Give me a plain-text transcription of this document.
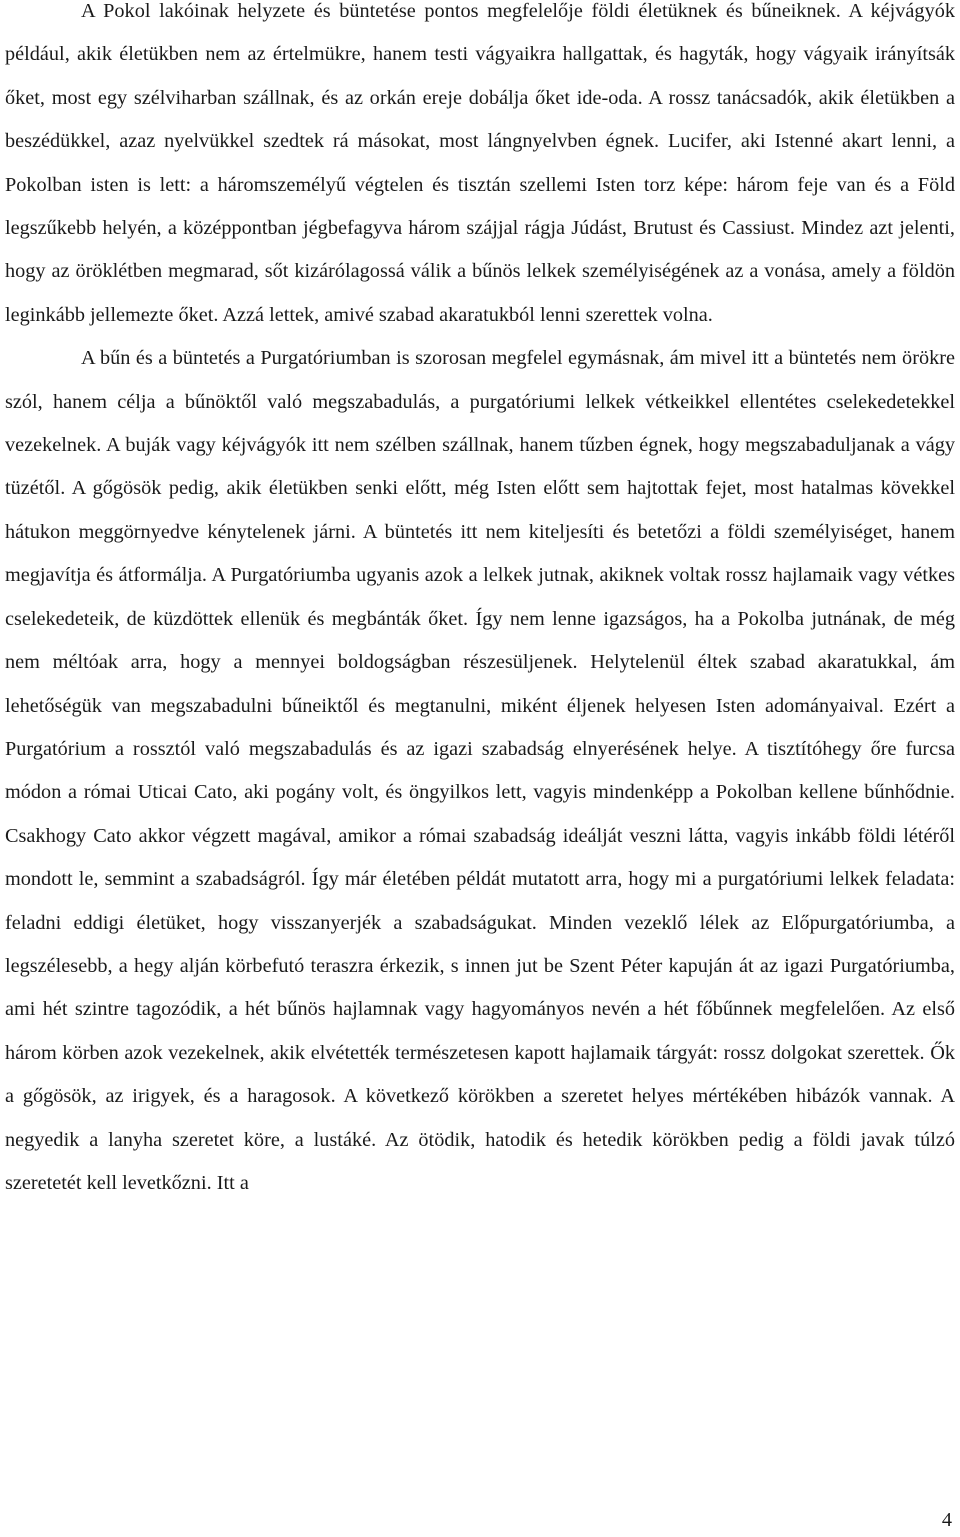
A Pokol lakóinak helyzete és büntetése pontos megfelelője földi életüknek és bűneiknek. A kéjvágyók például, akik életükben nem az értelmükre, hanem testi vágyaikra hallgattak, és hagyták, hogy vágyaik irányítsák őket, most egy szélviharban szállnak, és az orkán ereje dobálja őket ide-oda. A rossz tanácsadók, akik életükben a beszédükkel, azaz nyelvükkel szedtek rá másokat, most lángnyelvben égnek. Lucifer, aki Istenné akart lenni, a Pokolban isten is lett: a háromszemélyű végtelen és tisztán szellemi Isten torz képe: három feje van és a Föld legszűkebb helyén, a középpontban jégbefagyva három szájjal rágja Júdást, Brutust és Cassiust. Mindez azt jelenti, hogy az öröklétben megmarad, sőt kizárólagossá válik a bűnös lelkek személyiségének az a vonása, amely a földön leginkább jellemezte őket. Azzá lettek, amivé szabad akaratukból lenni szerettek volna.

A bűn és a büntetés a Purgatóriumban is szorosan megfelel egymásnak, ám mivel itt a büntetés nem örökre szól, hanem célja a bűnöktől való megszabadulás, a purgatóriumi lelkek vétkeikkel ellentétes cselekedetekkel vezekelnek. A buják vagy kéjvágyók itt nem szélben szállnak, hanem tűzben égnek, hogy megszabaduljanak a vágy tüzétől. A gőgösök pedig, akik életükben senki előtt, még Isten előtt sem hajtottak fejet, most hatalmas kövekkel hátukon meggörnyedve kénytelenek járni. A büntetés itt nem kiteljesíti és betetőzi a földi személyiséget, hanem megjavítja és átformálja. A Purgatóriumba ugyanis azok a lelkek jutnak, akiknek voltak rossz hajlamaik vagy vétkes cselekedeteik, de küzdöttek ellenük és megbánták őket. Így nem lenne igazságos, ha a Pokolba jutnának, de még nem méltóak arra, hogy a mennyei boldogságban részesüljenek. Helytelenül éltek szabad akaratukkal, ám lehetőségük van megszabadulni bűneiktől és megtanulni, miként éljenek helyesen Isten adományaival. Ezért a Purgatórium a rossztól való megszabadulás és az igazi szabadság elnyerésének helye. A tisztítóhegy őre furcsa módon a római Uticai Cato, aki pogány volt, és öngyilkos lett, vagyis mindenképp a Pokolban kellene bűnhődnie. Csakhogy Cato akkor végzett magával, amikor a római szabadság ideálját veszni látta, vagyis inkább földi létéről mondott le, semmint a szabadságról. Így már életében példát mutatott arra, hogy mi a purgatóriumi lelkek feladata: feladni eddigi életüket, hogy visszanyerjék a szabadságukat. Minden vezeklő lélek az Előpurgatóriumba, a legszélesebb, a hegy alján körbefutó teraszra érkezik, s innen jut be Szent Péter kapuján át az igazi Purgatóriumba, ami hét szintre tagozódik, a hét bűnös hajlamnak vagy hagyományos nevén a hét főbűnnek megfelelően. Az első három körben azok vezekelnek, akik elvétették természetesen kapott hajlamaik tárgyát: rossz dolgokat szerettek. Ők a gőgösök, az irigyek, és a haragosok. A következő körökben a szeretet helyes mértékében hibázók vannak. A negyedik a lanyha szeretet köre, a lustáké. Az ötödik, hatodik és hetedik körökben pedig a földi javak túlzó szeretetét kell levetkőzni. Itt a

4
